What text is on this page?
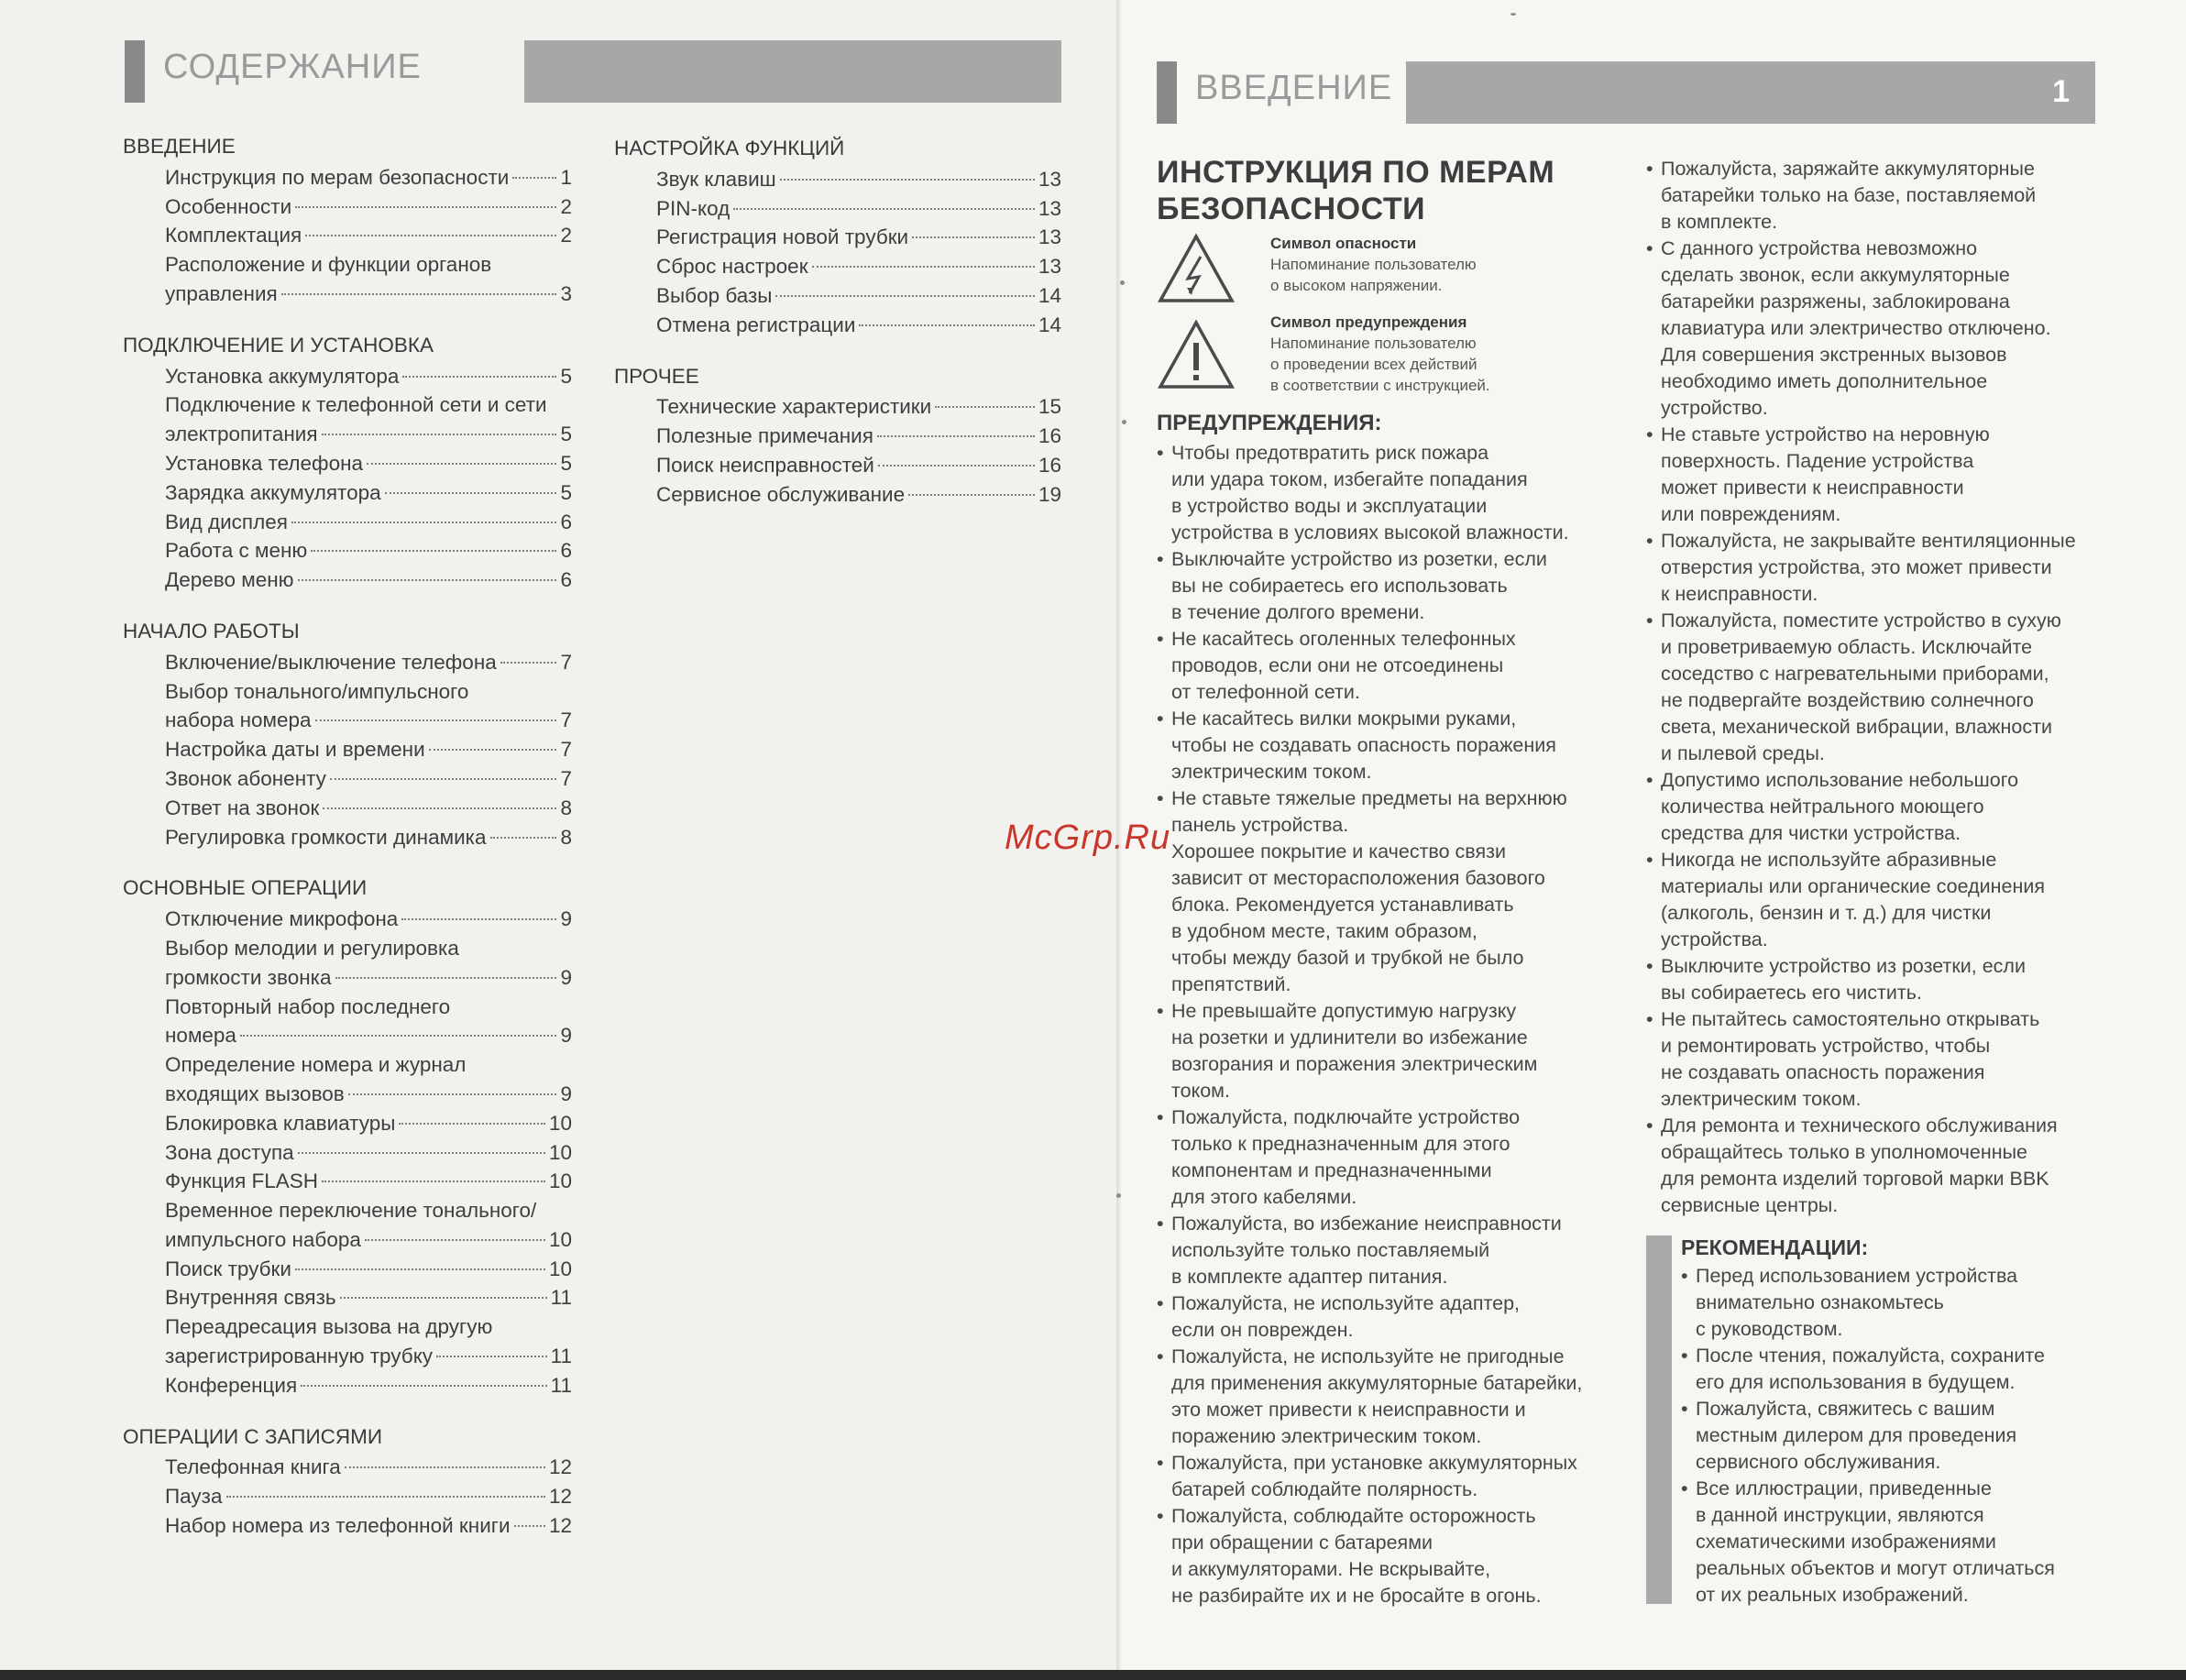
СОДЕРЖАНИЕ
ВВЕДЕНИЕ
Инструкция по мерам безопасности 1
Особенности	2
Комплектация	2
Расположение и функции органов
управления	3
ПОДКЛЮЧЕНИЕ И УСТАНОВКА
Установка аккумулятора	5
Подключение к телефонной сети и сети
электропитания	5
Установка телефона	5
Зарядка аккумулятора	5
Вид дисплея	6
Работа с меню	6
Дерево меню	6
НАЧАЛО РАБОТЫ
Включение/выключение телефона	7
Выбор тонального/импульсного
набора номера	7
Настройка даты и времени	7
Звонок абоненту	7
Ответ на звонок	8
Регулировка громкости динамика	8
ОСНОВНЫЕ ОПЕРАЦИИ
Отключение микрофона	9
Выбор мелодии и регулировка
громкости звонка	9
Повторный набор последнего
номера	9
Определение номера и журнал
входящих вызовов	9
Блокировка клавиатуры	10
Зона доступа	10
Функция FLASH	10
Временное переключение тонального/
импульсного набора	10
Поиск трубки	10
Внутренняя связь	11
Переадресация вызова на другую
зарегистрированную трубку	11
Конференция	11
ОПЕРАЦИИ С ЗАПИСЯМИ
Телефонная книга	12
Пауза	12
Набор номера из телефонной книги 12
НАСТРОЙКА ФУНКЦИЙ
Звук клавиш	13
PIN-код	13
Регистрация новой трубки	13
Сброс настроек	13
Выбор базы	14
Отмена регистрации	14
ПРОЧЕЕ
Технические характеристики	15
Полезные примечания	16
Поиск неисправностей	16
Сервисное обслуживание	19
ВВЕДЕНИЕ	1
ИНСТРУКЦИЯ ПО МЕРАМ
БЕЗОПАСНОСТИ
Символ опасности
Напоминание пользователю
о высоком напряжении.
Символ предупреждения
Напоминание пользователю
о проведении всех действий
в соответствии с инструкцией.
ПРЕДУПРЕЖДЕНИЯ:
• Чтобы предотвратить риск пожара
или удара током, избегайте попадания
в устройство воды и эксплуатации
устройства в условиях высокой влажности.
• Выключайте устройство из розетки, если
вы не собираетесь его использовать
в течение долгого времени.
• Не касайтесь оголенных телефонных
проводов, если они не отсоединены
от телефонной сети.
• Не касайтесь вилки мокрыми руками,
чтобы не создавать опасность поражения
электрическим током.
• Не ставьте тяжелые предметы на верхнюю
панель устройства.
Хорошее покрытие и качество связи
зависит от месторасположения базового
блока. Рекомендуется устанавливать
в удобном месте, таким образом,
чтобы между базой и трубкой не было
препятствий.
• Не превышайте допустимую нагрузку
на розетки и удлинители во избежание
возгорания и поражения электрическим
током.
• Пожалуйста, подключайте устройство
только к предназначенным для этого
компонентам и предназначенными
для этого кабелями.
• Пожалуйста, во избежание неисправности
используйте только поставляемый
в комплекте адаптер питания.
• Пожалуйста, не используйте адаптер,
если он поврежден.
• Пожалуйста, не используйте не пригодные
для применения аккумуляторные батарейки,
это может привести к неисправности и
поражению электрическим током.
• Пожалуйста, при установке аккумуляторных
батарей соблюдайте полярность.
• Пожалуйста, соблюдайте осторожность
при обращении с батареями
и аккумуляторами. Не вскрывайте,
не разбирайте их и не бросайте в огонь.
• Пожалуйста, заряжайте аккумуляторные
батарейки только на базе, поставляемой
в комплекте.
• С данного устройства невозможно
сделать звонок, если аккумуляторные
батарейки разряжены, заблокирована
клавиатура или электричество отключено.
Для совершения экстренных вызовов
необходимо иметь дополнительное
устройство.
• Не ставьте устройство на неровную
поверхность. Падение устройства
может привести к неисправности
или повреждениям.
• Пожалуйста, не закрывайте вентиляционные
отверстия устройства, это может привести
к неисправности.
• Пожалуйста, поместите устройство в сухую
и проветриваемую область. Исключайте
соседство с нагревательными приборами,
не подвергайте воздействию солнечного
света, механической вибрации, влажности
и пылевой среды.
• Допустимо использование небольшого
количества нейтрального моющего
средства для чистки устройства.
• Никогда не используйте абразивные
материалы или органические соединения
(алкоголь, бензин и т. д.) для чистки
устройства.
• Выключите устройство из розетки, если
вы собираетесь его чистить.
• Не пытайтесь самостоятельно открывать
и ремонтировать устройство, чтобы
не создавать опасность поражения
электрическим током.
• Для ремонта и технического обслуживания
обращайтесь только в уполномоченные
для ремонта изделий торговой марки BBK
сервисные центры.
РЕКОМЕНДАЦИИ:
• Перед использованием устройства
внимательно ознакомьтесь
с руководством.
• После чтения, пожалуйста, сохраните
его для использования в будущем.
• Пожалуйста, свяжитесь с вашим
местным дилером для проведения
сервисного обслуживания.
• Все иллюстрации, приведенные
в данной инструкции, являются
схематическими изображениями
реальных объектов и могут отличаться
от их реальных изображений.
McGrp.Ru
